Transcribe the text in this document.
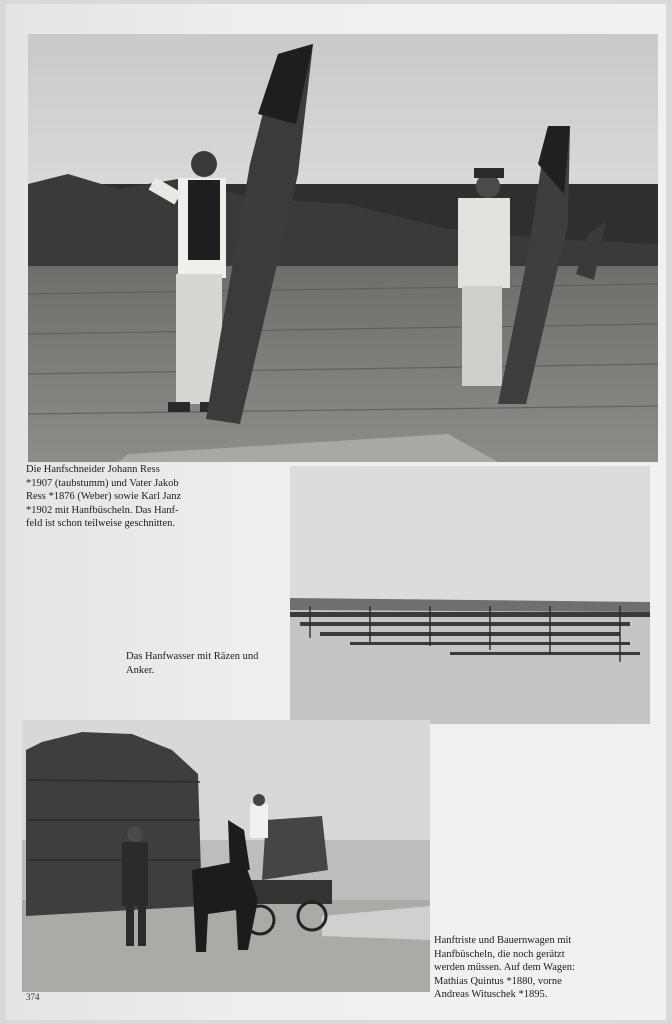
Die Hanfschneider Johann Ress
*1907 (taubstumm) und Vater Jakob
Ress *1876 (Weber) sowie Karl Janz
*1902 mit Hanfbüscheln. Das Hanf-
feld ist schon teilweise geschnitten.
Das Hanfwasser mit Räzen und
Anker.
Hanftriste und Bauernwagen mit
Hanfbüscheln, die noch gerätzt
werden müssen. Auf dem Wagen:
Mathias Quintus *1880, vorne
Andreas Wituschek *1895.
374
